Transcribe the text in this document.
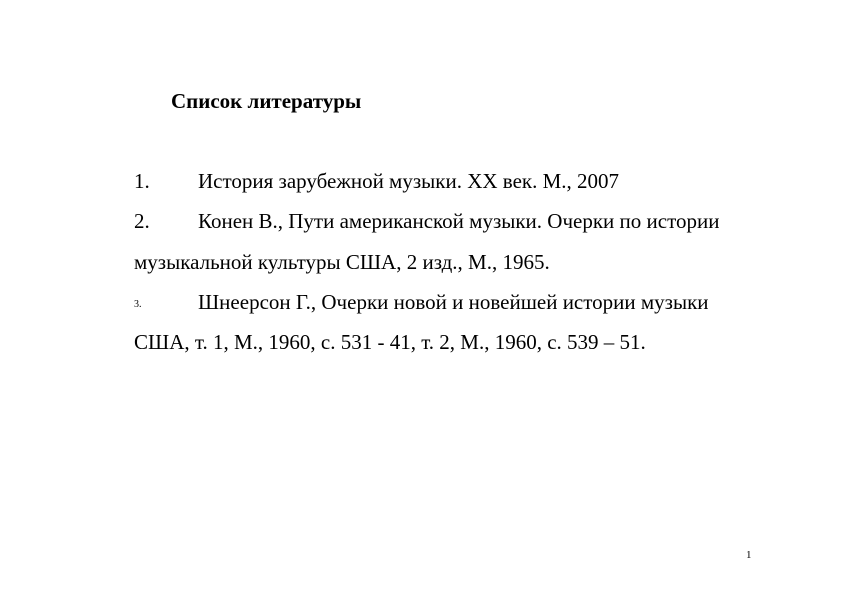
Список литературы
1. История зарубежной музыки. XX век. М., 2007
2. Конен В., Пути американской музыки. Очерки по истории
музыкальной культуры США, 2 изд., М., 1965.
3.	Шнеерсон Г., Очерки новой и новейшей истории музыки
США, т. 1, М., 1960, с. 531 - 41, т. 2, М., 1960, с. 539 – 51.
1
